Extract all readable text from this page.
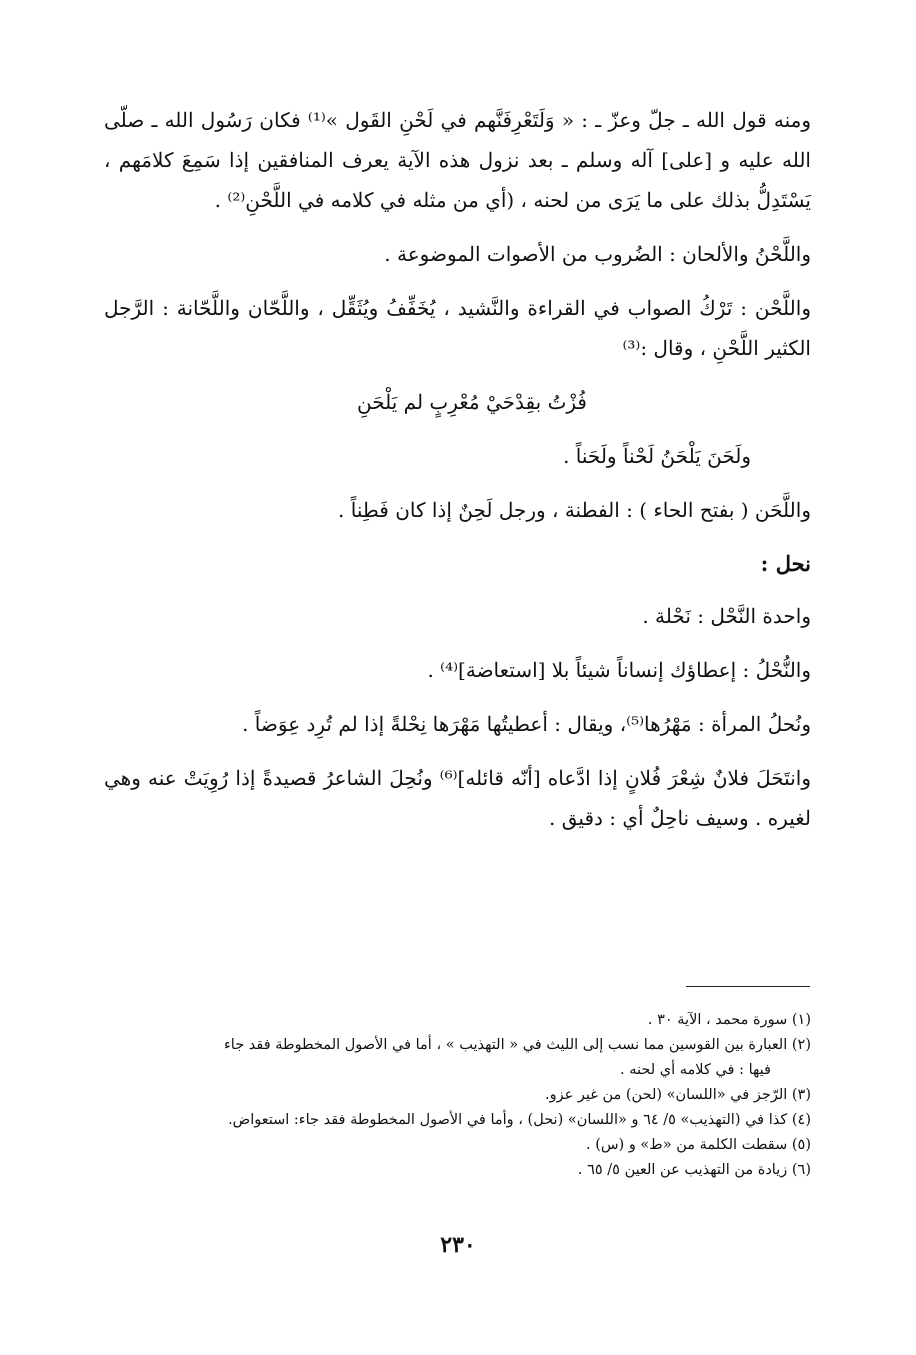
ومنه قول الله ـ جلّ وعزّ ـ : « وَلَتَعْرِفَنَّهم في لَحْنِ القَول »⁽¹⁾ فكان رَسُول الله ـ صلّى الله عليه و [على] آله وسلم ـ بعد نزول هذه الآية يعرف المنافقين إذا سَمِعَ كلامَهم ، يَسْتَدِلُّ بذلك على ما يَرَى من لحنه ، (أي من مثله في كلامه في اللَّحْنِ⁽²⁾ .

واللَّحْنُ والألحان : الضُروب من الأصوات الموضوعة .

واللَّحْن : تَرْكُ الصواب في القراءة والنَّشيد ، يُخَفِّفُ ويُثَقِّل ، واللَّحّان واللَّحّانة : الرَّجل الكثير اللَّحْنِ ، وقال :⁽³⁾

فُزْتُ بقِدْحَيْ مُعْرِبٍ لم يَلْحَنِ

ولَحَنَ يَلْحَنُ لَحْناً ولَحَناً .

واللَّحَن ( بفتح الحاء ) : الفطنة ، ورجل لَحِنٌ إذا كان فَطِناً .

نحل :

واحدة النَّحْل : نَحْلة .

والنُّحْلُ : إعطاؤك إنساناً شيئاً بلا [استعاضة]⁽⁴⁾ .

ونُحلُ المرأة : مَهْرُها⁽⁵⁾، ويقال : أعطيتُها مَهْرَها نِحْلةً إذا لم تُرِد عِوَضاً .

وانتَحَلَ فلانٌ شِعْرَ فُلانٍ إذا ادَّعاه [أنّه قائله]⁽⁶⁾ ونُحِلَ الشاعرُ قصيدةً إذا رُوِيَتْ عنه وهي لغيره . وسيف ناحِلٌ أي : دقيق .

(١) سورة محمد ، الآية ٣٠ .

(٢) العبارة بين القوسين مما نسب إلى الليث في « التهذيب » ، أما في الأصول المخطوطة فقد جاء

فيها : في كلامه أي لحنه .

(٣) الرّجز في «اللسان» (لحن) من غير عزو.

(٤) كذا في (التهذيب» ٥/ ٦٤ و «اللسان» (نحل) ، وأما في الأصول المخطوطة فقد جاء: استعواض.

(٥) سقطت الكلمة من «ط» و (س) .

(٦) زيادة من التهذيب عن العين ٥/ ٦٥ .

٢٣٠
